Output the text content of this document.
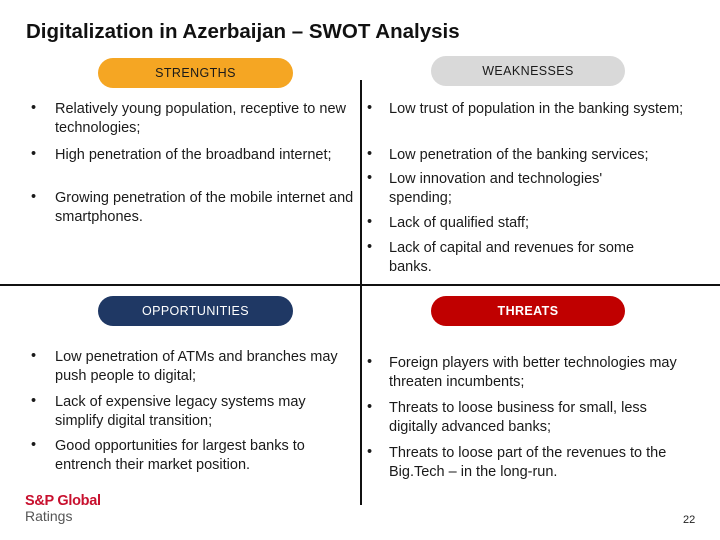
Digitalization in Azerbaijan – SWOT Analysis
STRENGTHS
•	Relatively young population, receptive to new technologies;
•	High penetration of the broadband internet;
•	Growing penetration of the mobile internet and smartphones.
WEAKNESSES
•	Low trust of population in the banking system;
•	Low penetration of the banking services;
•	Low innovation and technologies' spending;
•	Lack of qualified staff;
•	Lack of capital and revenues for some banks.
OPPORTUNITIES
•	Low penetration of ATMs and branches may push people to digital;
•	Lack of expensive legacy systems may simplify digital transition;
•	Good opportunities for largest banks to entrench their market position.
THREATS
•	Foreign players with better technologies may threaten incumbents;
•	Threats to loose business for small, less digitally advanced banks;
•	Threats to loose part of the revenues to the Big.Tech – in the long-run.
S&P Global
Ratings	22
